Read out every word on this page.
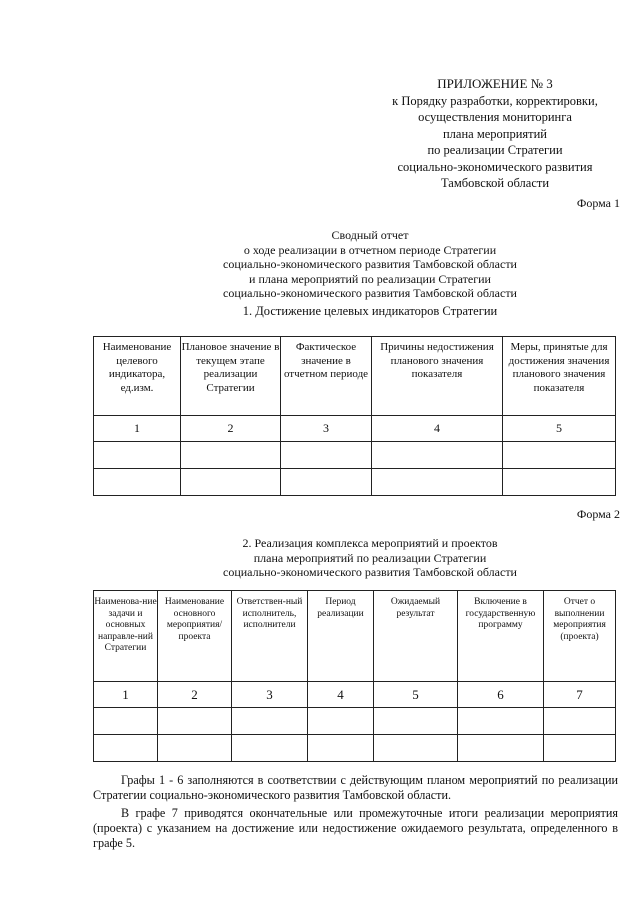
ПРИЛОЖЕНИЕ № 3
к Порядку разработки, корректировки,
осуществления мониторинга
плана мероприятий
по реализации Стратегии
социально-экономического развития
Тамбовской области
Форма 1
Сводный отчет
о ходе реализации в отчетном периоде Стратегии
социально-экономического развития Тамбовской области
и плана мероприятий по реализации Стратегии
социально-экономического развития Тамбовской области
1. Достижение целевых индикаторов Стратегии
Наименование целевого индикатора, ед.изм.	Плановое значение в текущем этапе реализации Стратегии	Фактическое значение в отчетном периоде	Причины недостижения планового значения показателя	Меры, принятые для достижения значения планового значения показателя
1	2	3	4	5

Форма 2
2. Реализация комплекса мероприятий и проектов
плана мероприятий по реализации Стратегии
социально-экономического развития Тамбовской области
Наименова-ние задачи и основных направле-ний Стратегии	Наименование основного мероприятия/ проекта	Ответствен-ный исполнитель, исполнители	Период реализации	Ожидаемый результат	Включение в государственную программу	Отчет о выполнении мероприятия (проекта)
1	2	3	4	5	6	7

Графы 1 - 6 заполняются в соответствии с действующим планом мероприятий по реализации Стратегии социально-экономического развития Тамбовской области.

В графе 7 приводятся окончательные или промежуточные итоги реализации мероприятия (проекта) с указанием на достижение или недостижение ожидаемого результата, определенного в графе 5.
